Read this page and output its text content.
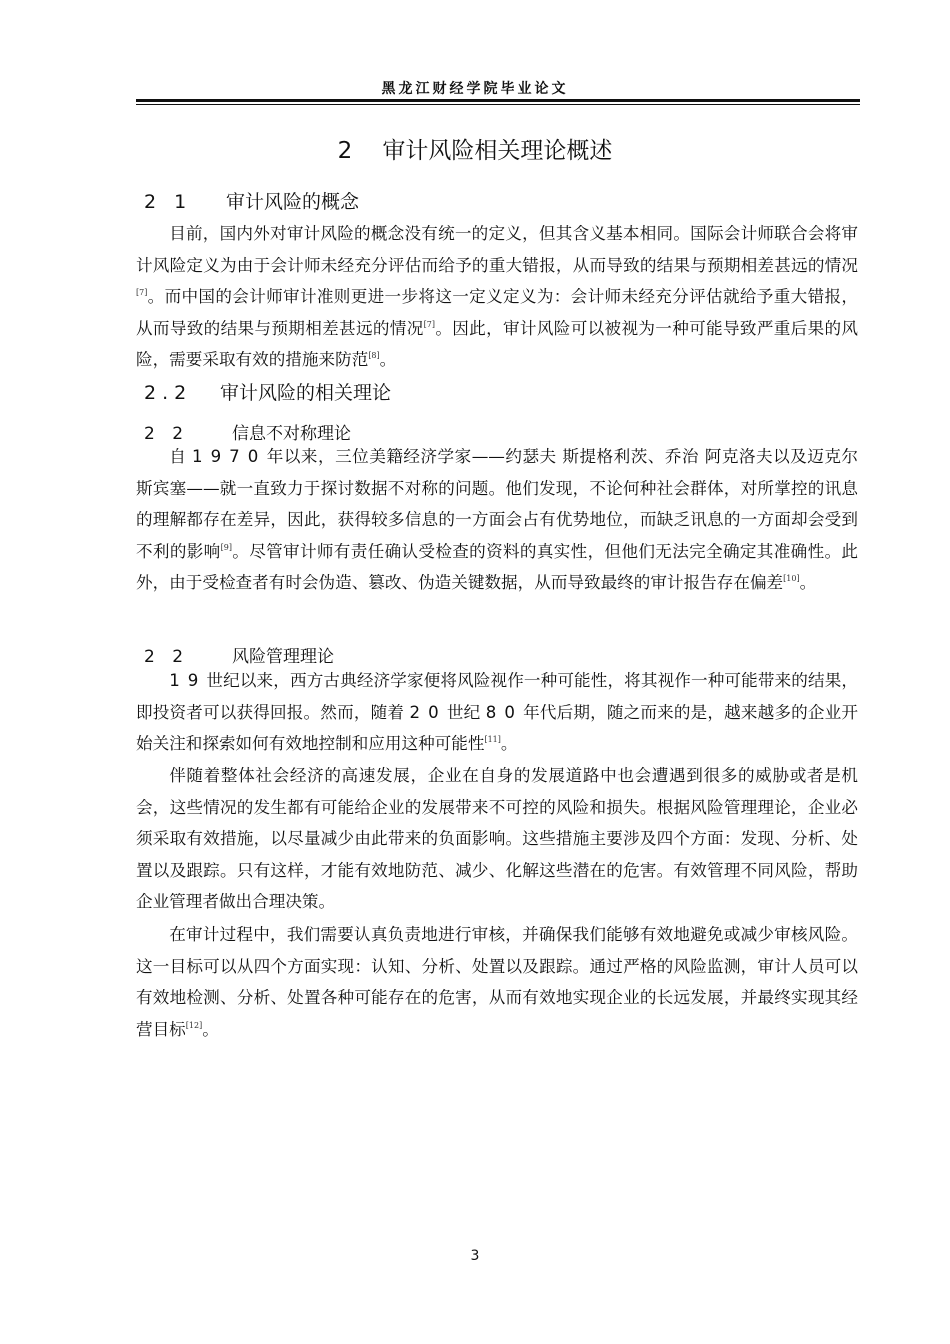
黑龙江财经学院毕业论文
2 审计风险相关理论概述
2 1 审计风险的概念
目前，国内外对审计风险的概念没有统一的定义，但其含义基本相同。国际会计师联合会将审计风险定义为由于会计师未经充分评估而给予的重大错报，从而导致的结果与预期相差甚远的情况[7]。而中国的会计师审计准则更进一步将这一定义定义为：会计师未经充分评估就给予重大错报，从而导致的结果与预期相差甚远的情况[7]。因此，审计风险可以被视为一种可能导致严重后果的风险，需要采取有效的措施来防范[8]。
2.2 审计风险的相关理论
2 2	信息不对称理论
自 1970年以来，三位美籍经济学家——约瑟夫 斯提格利茨、乔治 阿克洛夫以及迈克尔 斯宾塞——就一直致力于探讨数据不对称的问题。他们发现，不论何种社会群体，对所掌控的讯息的理解都存在差异，因此，获得较多信息的一方面会占有优势地位，而缺乏讯息的一方面却会受到不利的影响[9]。尽管审计师有责任确认受检查的资料的真实性，但他们无法完全确定其准确性。此外，由于受检查者有时会伪造、篡改、伪造关键数据，从而导致最终的审计报告存在偏差[10]。
2 2	风险管理理论
19世纪以来，西方古典经济学家便将风险视作一种可能性，将其视作一种可能带来的结果，即投资者可以获得回报。然而，随着 20世纪 80年代后期，随之而来的是，越来越多的企业开始关注和探索如何有效地控制和应用这种可能性[11]。
伴随着整体社会经济的高速发展，企业在自身的发展道路中也会遭遇到很多的威胁或者是机会，这些情况的发生都有可能给企业的发展带来不可控的风险和损失。根据风险管理理论，企业必须采取有效措施，以尽量减少由此带来的负面影响。这些措施主要涉及四个方面：发现、分析、处置以及跟踪。只有这样，才能有效地防范、减少、化解这些潜在的危害。有效管理不同风险，帮助企业管理者做出合理决策。
在审计过程中，我们需要认真负责地进行审核，并确保我们能够有效地避免或减少审核风险。这一目标可以从四个方面实现：认知、分析、处置以及跟踪。通过严格的风险监测，审计人员可以有效地检测、分析、处置各种可能存在的危害，从而有效地实现企业的长远发展，并最终实现其经营目标[12]。
3
